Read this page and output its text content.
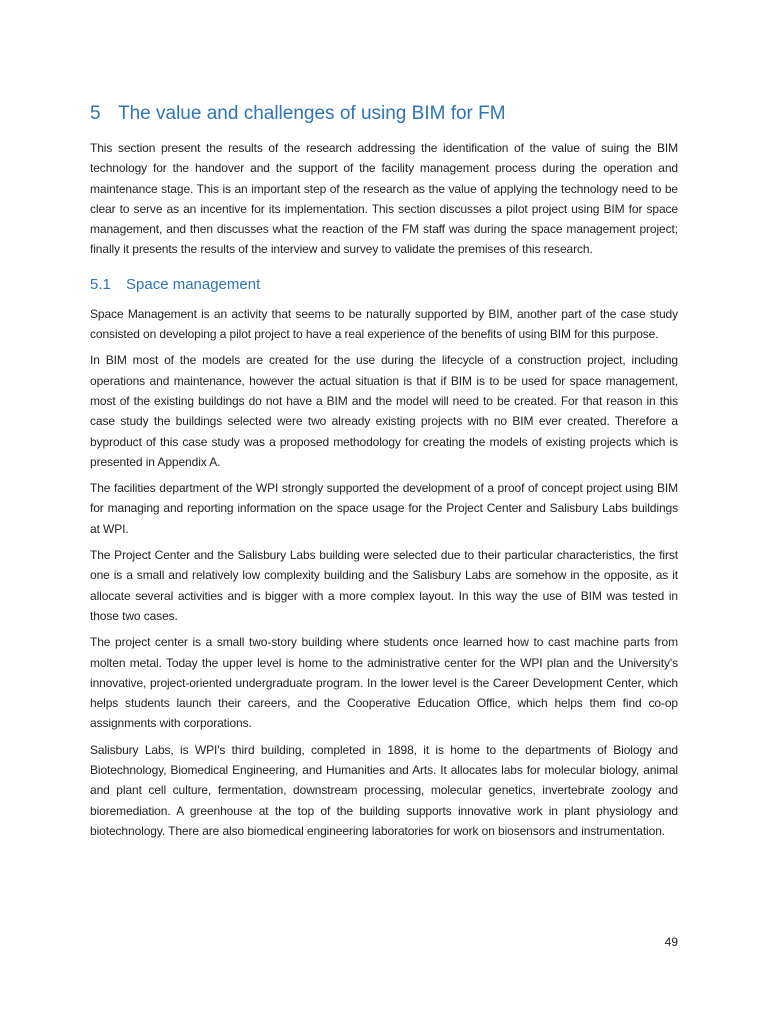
5 The value and challenges of using BIM for FM

This section present the results of the research addressing the identification of the value of suing the BIM technology for the handover and the support of the facility management process during the operation and maintenance stage. This is an important step of the research as the value of applying the technology need to be clear to serve as an incentive for its implementation. This section discusses a pilot project using BIM for space management, and then discusses what the reaction of the FM staff was during the space management project; finally it presents the results of the interview and survey to validate the premises of this research.

5.1 Space management

Space Management is an activity that seems to be naturally supported by BIM, another part of the case study consisted on developing a pilot project to have a real experience of the benefits of using BIM for this purpose.

In BIM most of the models are created for the use during the lifecycle of a construction project, including operations and maintenance, however the actual situation is that if BIM is to be used for space management, most of the existing buildings do not have a BIM and the model will need to be created. For that reason in this case study the buildings selected were two already existing projects with no BIM ever created. Therefore a byproduct of this case study was a proposed methodology for creating the models of existing projects which is presented in Appendix A.

The facilities department of the WPI strongly supported the development of a proof of concept project using BIM for managing and reporting information on the space usage for the Project Center and Salisbury Labs buildings at WPI.

The Project Center and the Salisbury Labs building were selected due to their particular characteristics, the first one is a small and relatively low complexity building and the Salisbury Labs are somehow in the opposite, as it allocate several activities and is bigger with a more complex layout. In this way the use of BIM was tested in those two cases.

The project center is a small two-story building where students once learned how to cast machine parts from molten metal. Today the upper level is home to the administrative center for the WPI plan and the University's innovative, project-oriented undergraduate program. In the lower level is the Career Development Center, which helps students launch their careers, and the Cooperative Education Office, which helps them find co-op assignments with corporations.

Salisbury Labs, is WPI's third building, completed in 1898, it is home to the departments of Biology and Biotechnology, Biomedical Engineering, and Humanities and Arts. It allocates labs for molecular biology, animal and plant cell culture, fermentation, downstream processing, molecular genetics, invertebrate zoology and bioremediation. A greenhouse at the top of the building supports innovative work in plant physiology and biotechnology. There are also biomedical engineering laboratories for work on biosensors and instrumentation.

49
